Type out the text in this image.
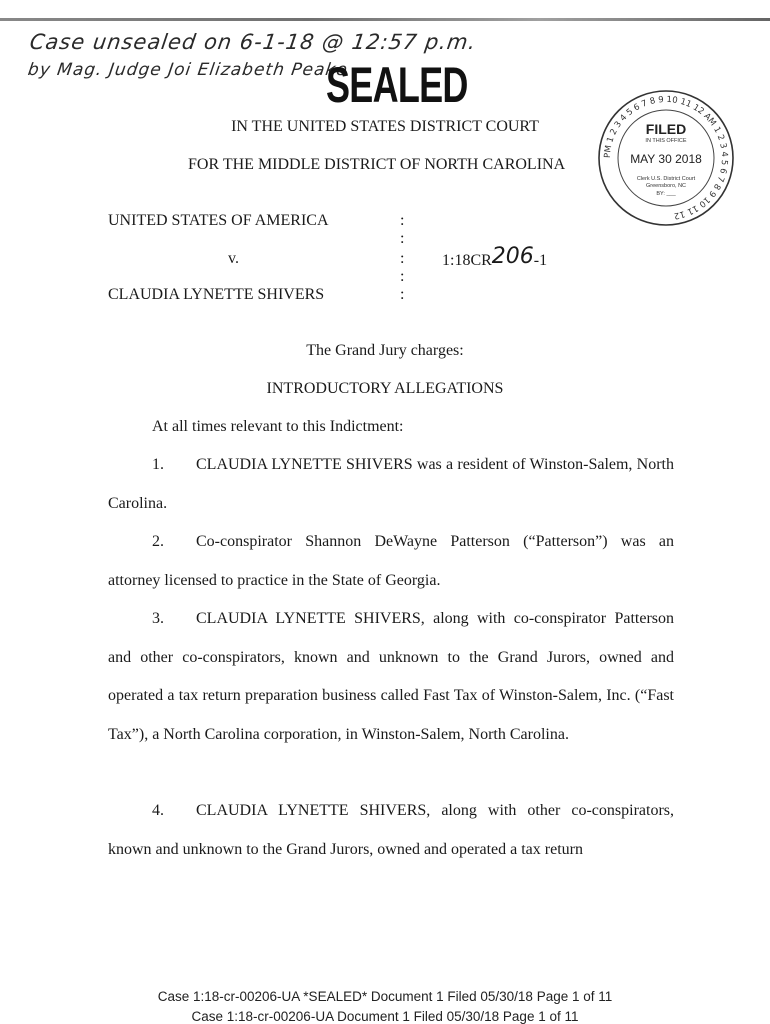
Case unsealed on 6-1-18 @ 12:57 p.m.
by Mag. Judge Joi Elizabeth Peake
SEALED
PM 1 2 3 4 5 6 7 8 9 10 11 12 AM 1 2 3 4 5 6 7 8 9 10 11 12
FILED
IN THIS OFFICE
MAY 30 2018
Clerk U.S. District Court
Greensboro, NC
BY: ___
IN THE UNITED STATES DISTRICT COURT
FOR THE MIDDLE DISTRICT OF NORTH CAROLINA
UNITED STATES OF AMERICA
v.
CLAUDIA LYNETTE SHIVERS
:
:
:
:
:
1:18CR206-1
The Grand Jury charges:
INTRODUCTORY ALLEGATIONS
At all times relevant to this Indictment:
1. CLAUDIA LYNETTE SHIVERS was a resident of Winston-Salem, North Carolina.
2. Co-conspirator Shannon DeWayne Patterson (“Patterson”) was an attorney licensed to practice in the State of Georgia.
3. CLAUDIA LYNETTE SHIVERS, along with co-conspirator Patterson and other co-conspirators, known and unknown to the Grand Jurors, owned and operated a tax return preparation business called Fast Tax of Winston-Salem, Inc. (“Fast Tax”), a North Carolina corporation, in Winston-Salem, North Carolina.
4. CLAUDIA LYNETTE SHIVERS, along with other co-conspirators, known and unknown to the Grand Jurors, owned and operated a tax return
Case 1:18-cr-00206-UA *SEALED* Document 1 Filed 05/30/18 Page 1 of 11
Case 1:18-cr-00206-UA Document 1 Filed 05/30/18 Page 1 of 11
